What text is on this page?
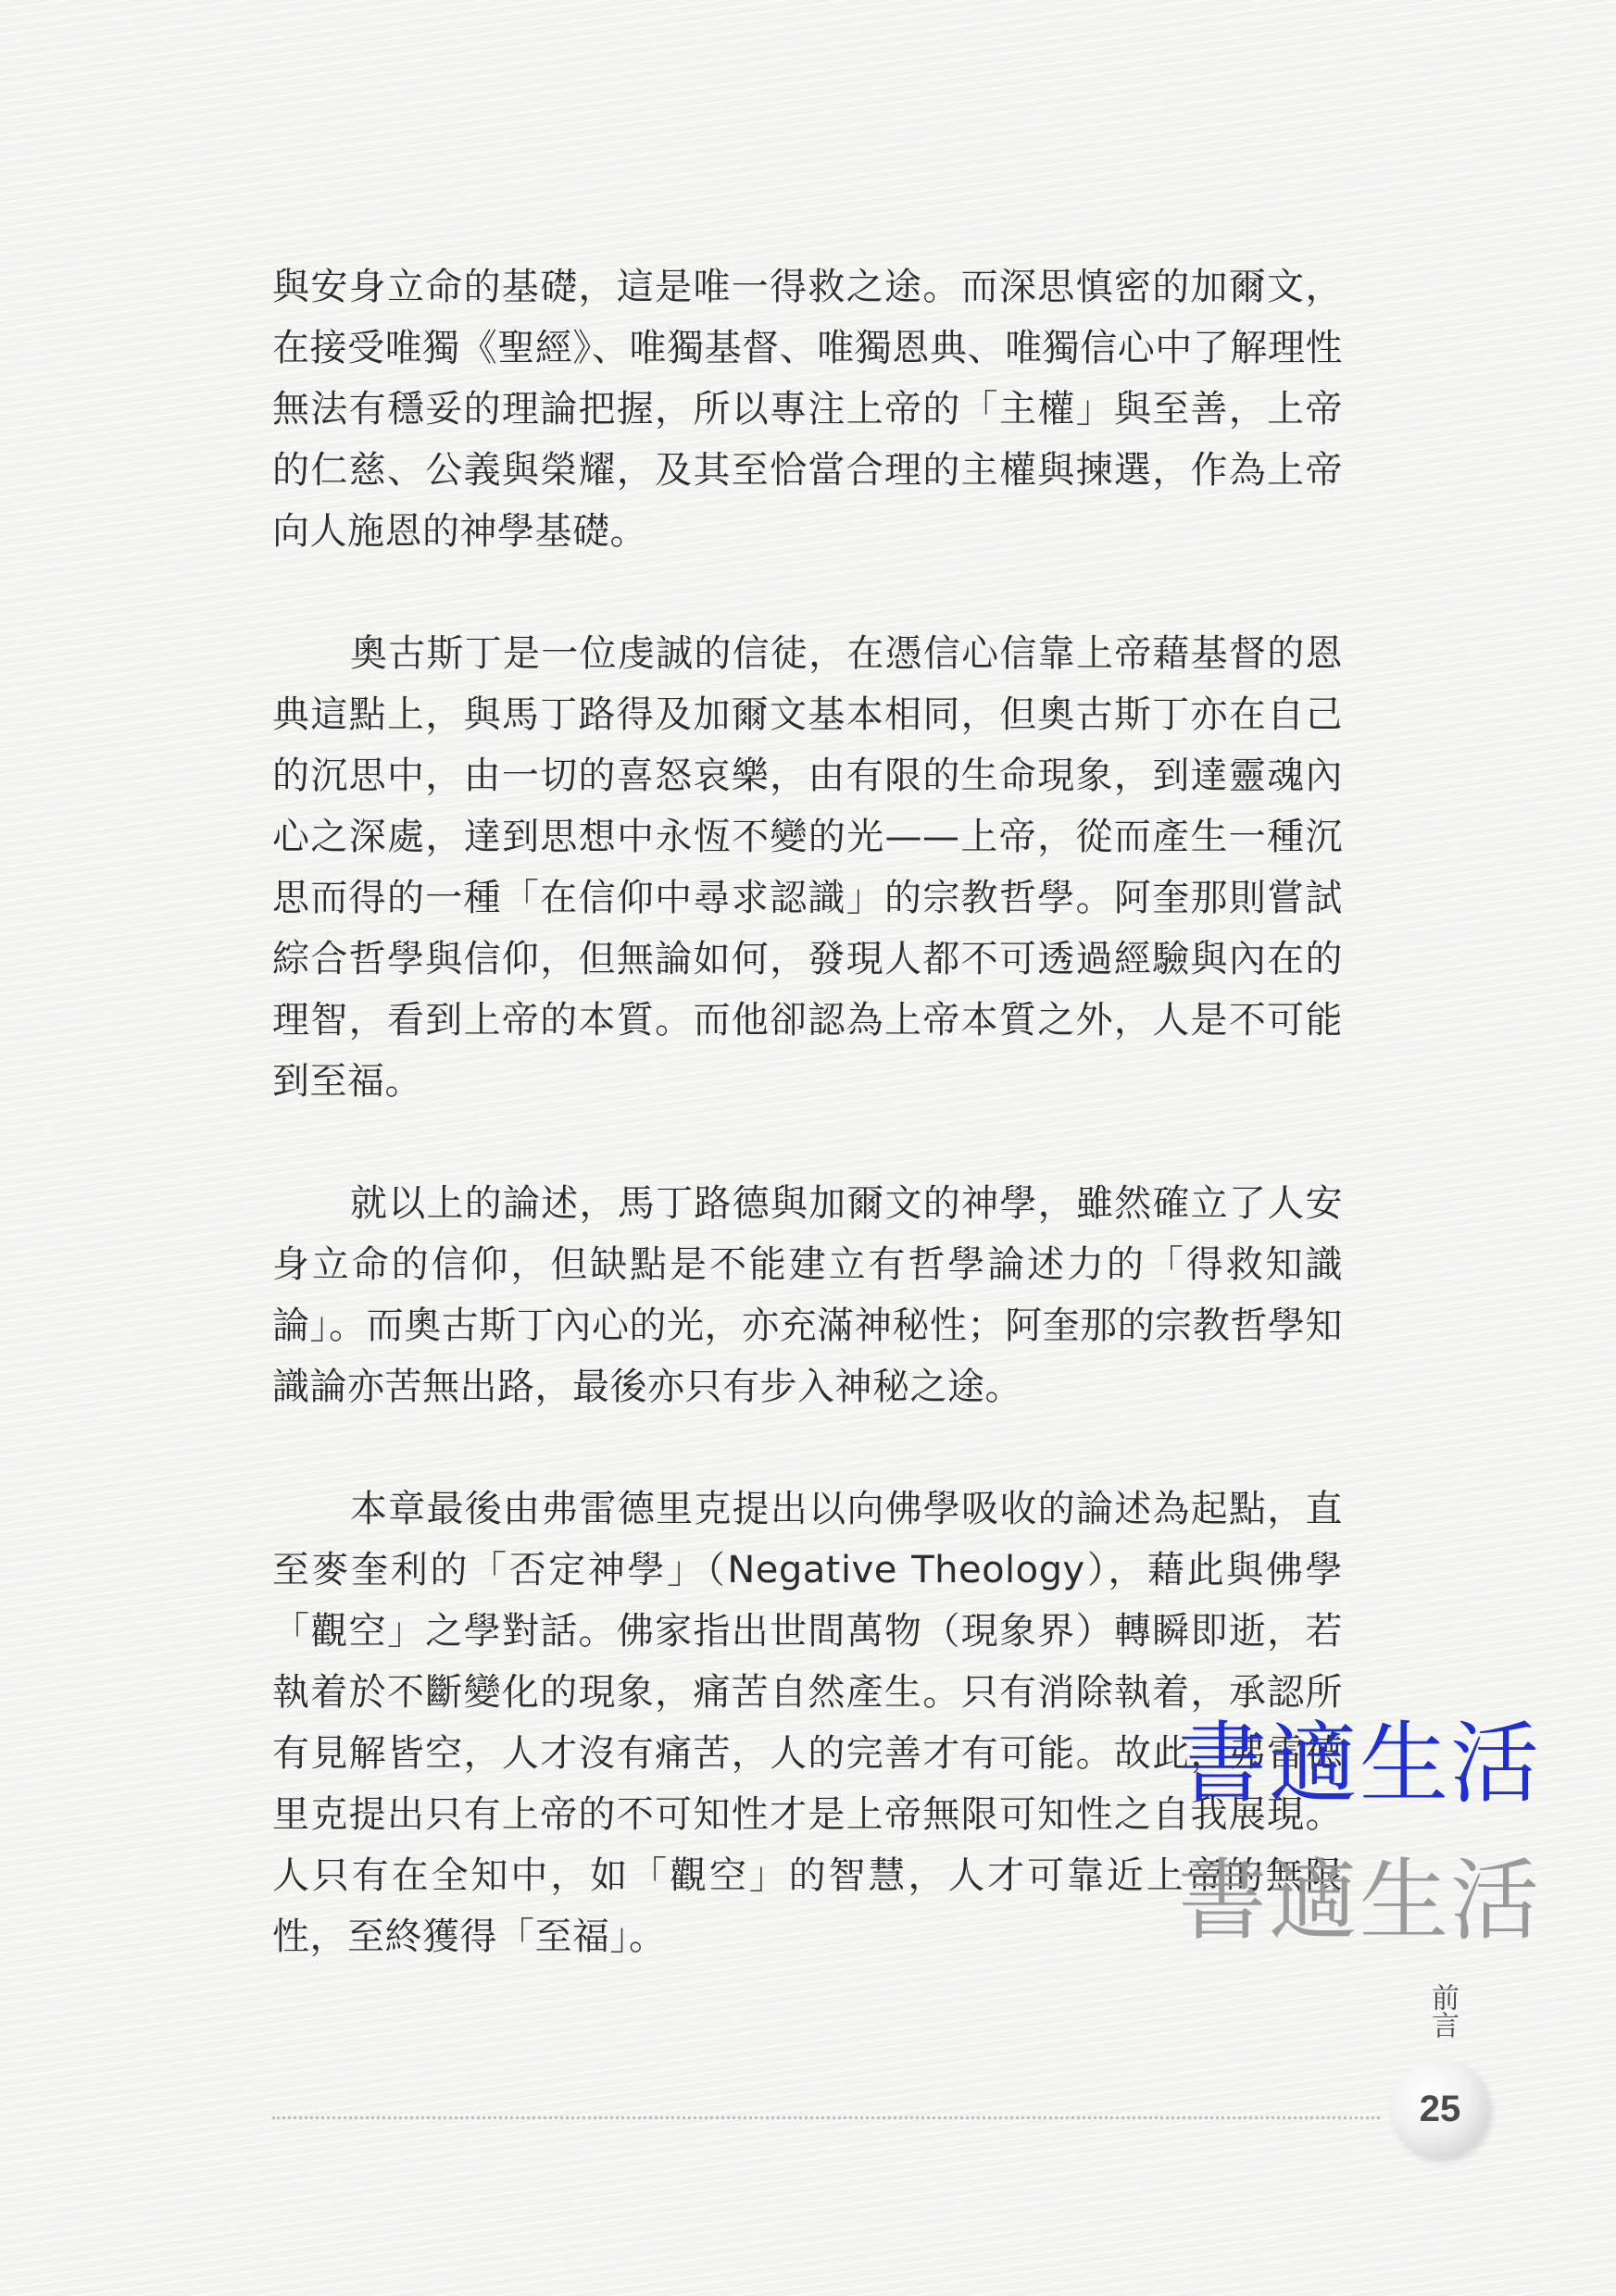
與安身立命的基礎，這是唯一得救之途。而深思慎密的加爾文，在接受唯獨《聖經》、唯獨基督、唯獨恩典、唯獨信心中了解理性無法有穩妥的理論把握，所以專注上帝的「主權」與至善，上帝的仁慈、公義與榮耀，及其至恰當合理的主權與揀選，作為上帝向人施恩的神學基礎。

奧古斯丁是一位虔誠的信徒，在憑信心信靠上帝藉基督的恩典這點上，與馬丁路得及加爾文基本相同，但奧古斯丁亦在自己的沉思中，由一切的喜怒哀樂，由有限的生命現象，到達靈魂內心之深處，達到思想中永恆不變的光——上帝，從而產生一種沉思而得的一種「在信仰中尋求認識」的宗教哲學。阿奎那則嘗試綜合哲學與信仰，但無論如何，發現人都不可透過經驗與內在的理智，看到上帝的本質。而他卻認為上帝本質之外，人是不可能到至福。

就以上的論述，馬丁路德與加爾文的神學，雖然確立了人安身立命的信仰，但缺點是不能建立有哲學論述力的「得救知識論」。而奧古斯丁內心的光，亦充滿神秘性；阿奎那的宗教哲學知識論亦苦無出路，最後亦只有步入神秘之途。

本章最後由弗雷德里克提出以向佛學吸收的論述為起點，直至麥奎利的「否定神學」（Negative Theology），藉此與佛學「觀空」之學對話。佛家指出世間萬物（現象界）轉瞬即逝，若執着於不斷變化的現象，痛苦自然產生。只有消除執着，承認所有見解皆空，人才沒有痛苦，人的完善才有可能。故此，弗雷德里克提出只有上帝的不可知性才是上帝無限可知性之自我展現。人只有在全知中，如「觀空」的智慧，人才可靠近上帝的無限性，至終獲得「至福」。

書適生活
書適生活
前言
25
